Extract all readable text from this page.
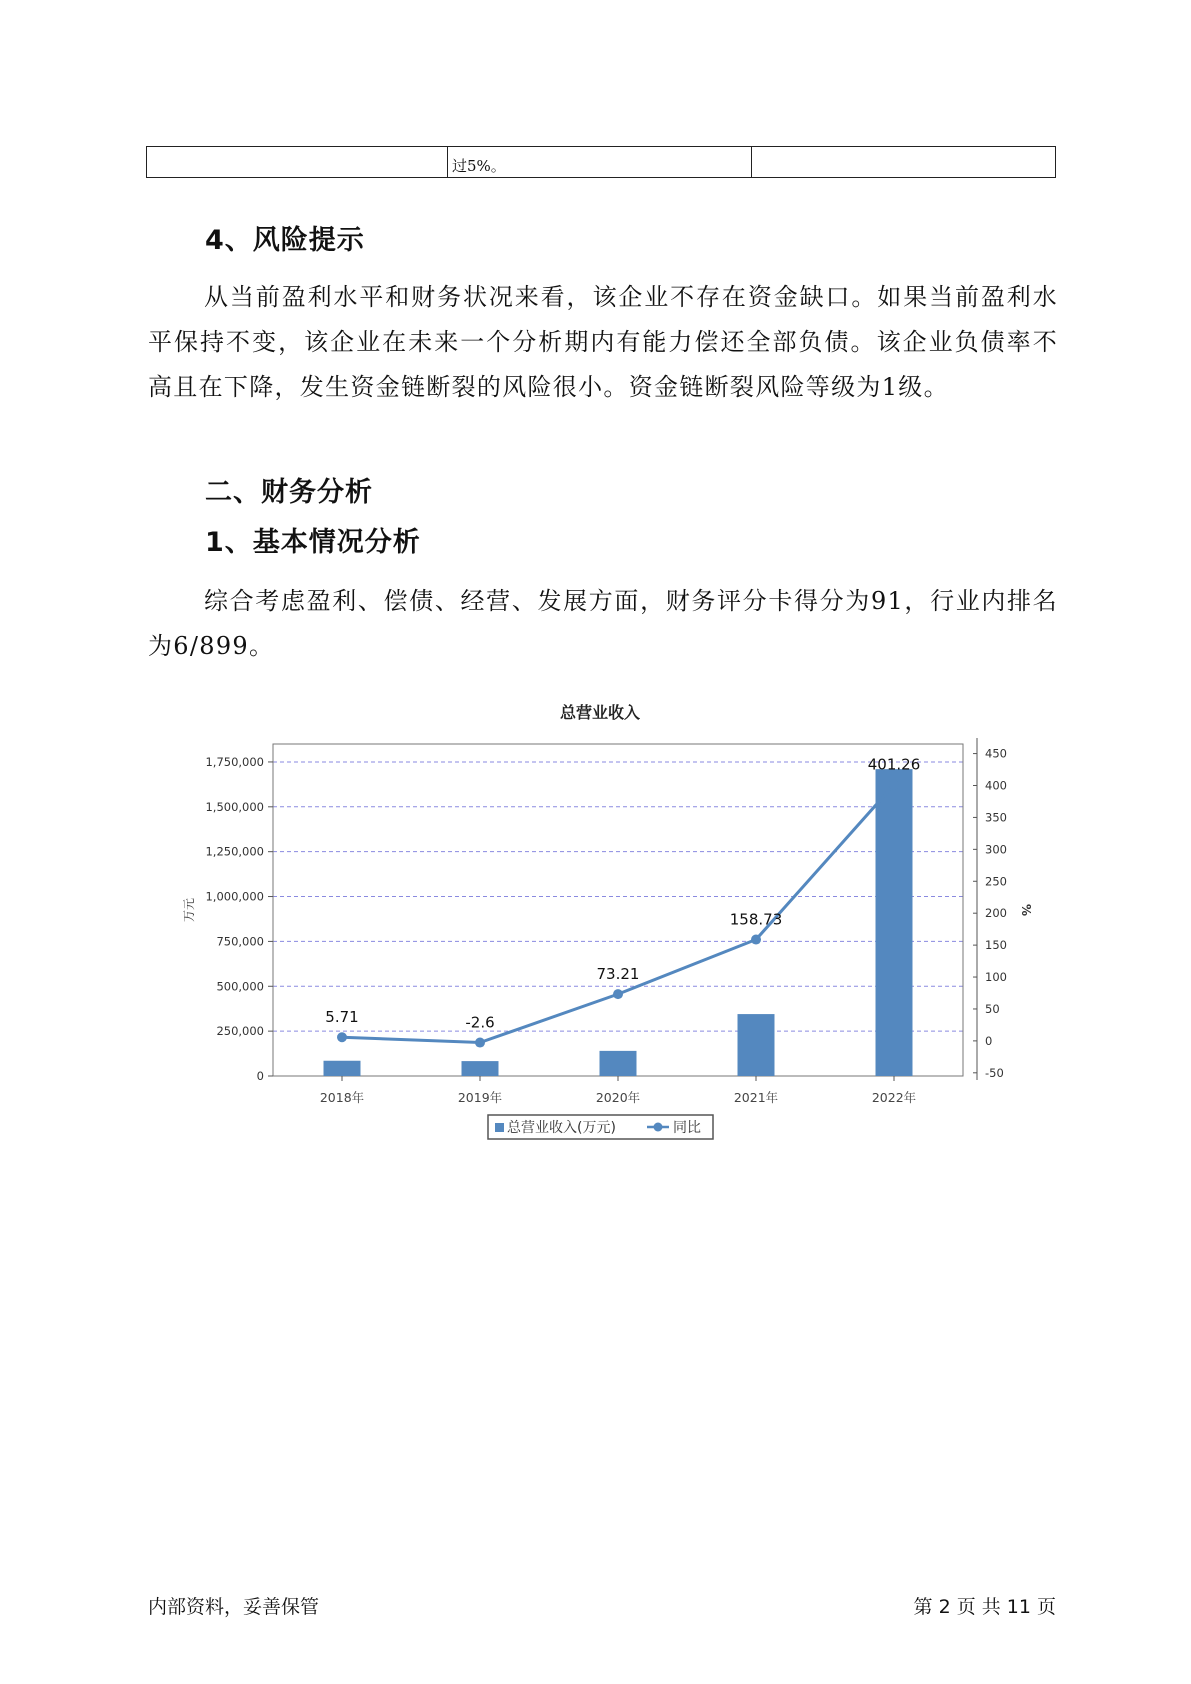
过5%。
4、风险提示

从当前盈利水平和财务状况来看，该企业不存在资金缺口。如果当前盈利水平保持不变，该企业在未来一个分析期内有能力偿还全部负债。该企业负债率不高且在下降，发生资金链断裂的风险很小。资金链断裂风险等级为1级。

二、财务分析
1、基本情况分析

综合考虑盈利、偿债、经营、发展方面，财务评分卡得分为91，行业内排名为6/899。

总营业收入
5.71	-2.6
73.21
158.73
401.26
0
250,000
500,000
750,000
1,000,000
1,250,000
1,500,000
1,750,000
-50
0
50
100
150
200
250
300
350
400
450
2018年	2019年	2020年	2021年	2022年
万元	%
总营业收入(万元)	同比
内部资料，妥善保管	第 2 页 共 11 页
